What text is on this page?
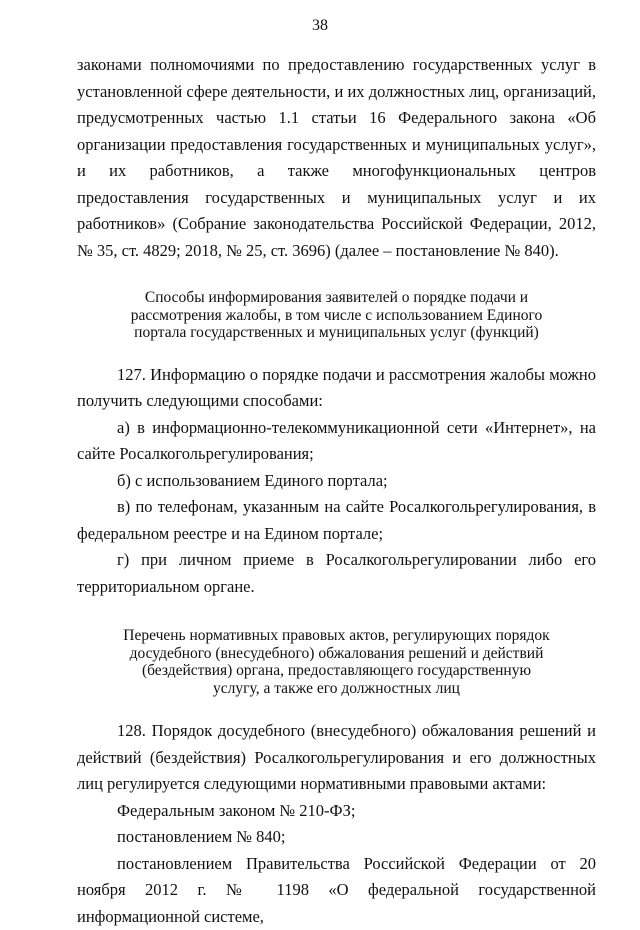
38

законами полномочиями по предоставлению государственных услуг в установленной сфере деятельности, и их должностных лиц, организаций, предусмотренных частью 1.1 статьи 16 Федерального закона «Об организации предоставления государственных и муниципальных услуг», и их работников, а также многофункциональных центров предоставления государственных и муниципальных услуг и их работников» (Собрание законодательства Российской Федерации, 2012, № 35, ст. 4829; 2018, № 25, ст. 3696) (далее – постановление № 840).

Способы информирования заявителей о порядке подачи и рассмотрения жалобы, в том числе с использованием Единого портала государственных и муниципальных услуг (функций)

127. Информацию о порядке подачи и рассмотрения жалобы можно получить следующими способами:

а) в информационно-телекоммуникационной сети «Интернет», на сайте Росалкогольрегулирования;

б) с использованием Единого портала;

в) по телефонам, указанным на сайте Росалкогольрегулирования, в федеральном реестре и на Едином портале;

г) при личном приеме в Росалкогольрегулировании либо его территориальном органе.

Перечень нормативных правовых актов, регулирующих порядок досудебного (внесудебного) обжалования решений и действий (бездействия) органа, предоставляющего государственную услугу, а также его должностных лиц

128. Порядок досудебного (внесудебного) обжалования решений и действий (бездействия) Росалкогольрегулирования и его должностных лиц регулируется следующими нормативными правовыми актами:

Федеральным законом № 210-ФЗ;

постановлением № 840;

постановлением Правительства Российской Федерации от 20 ноября 2012 г. № 1198 «О федеральной государственной информационной системе,
